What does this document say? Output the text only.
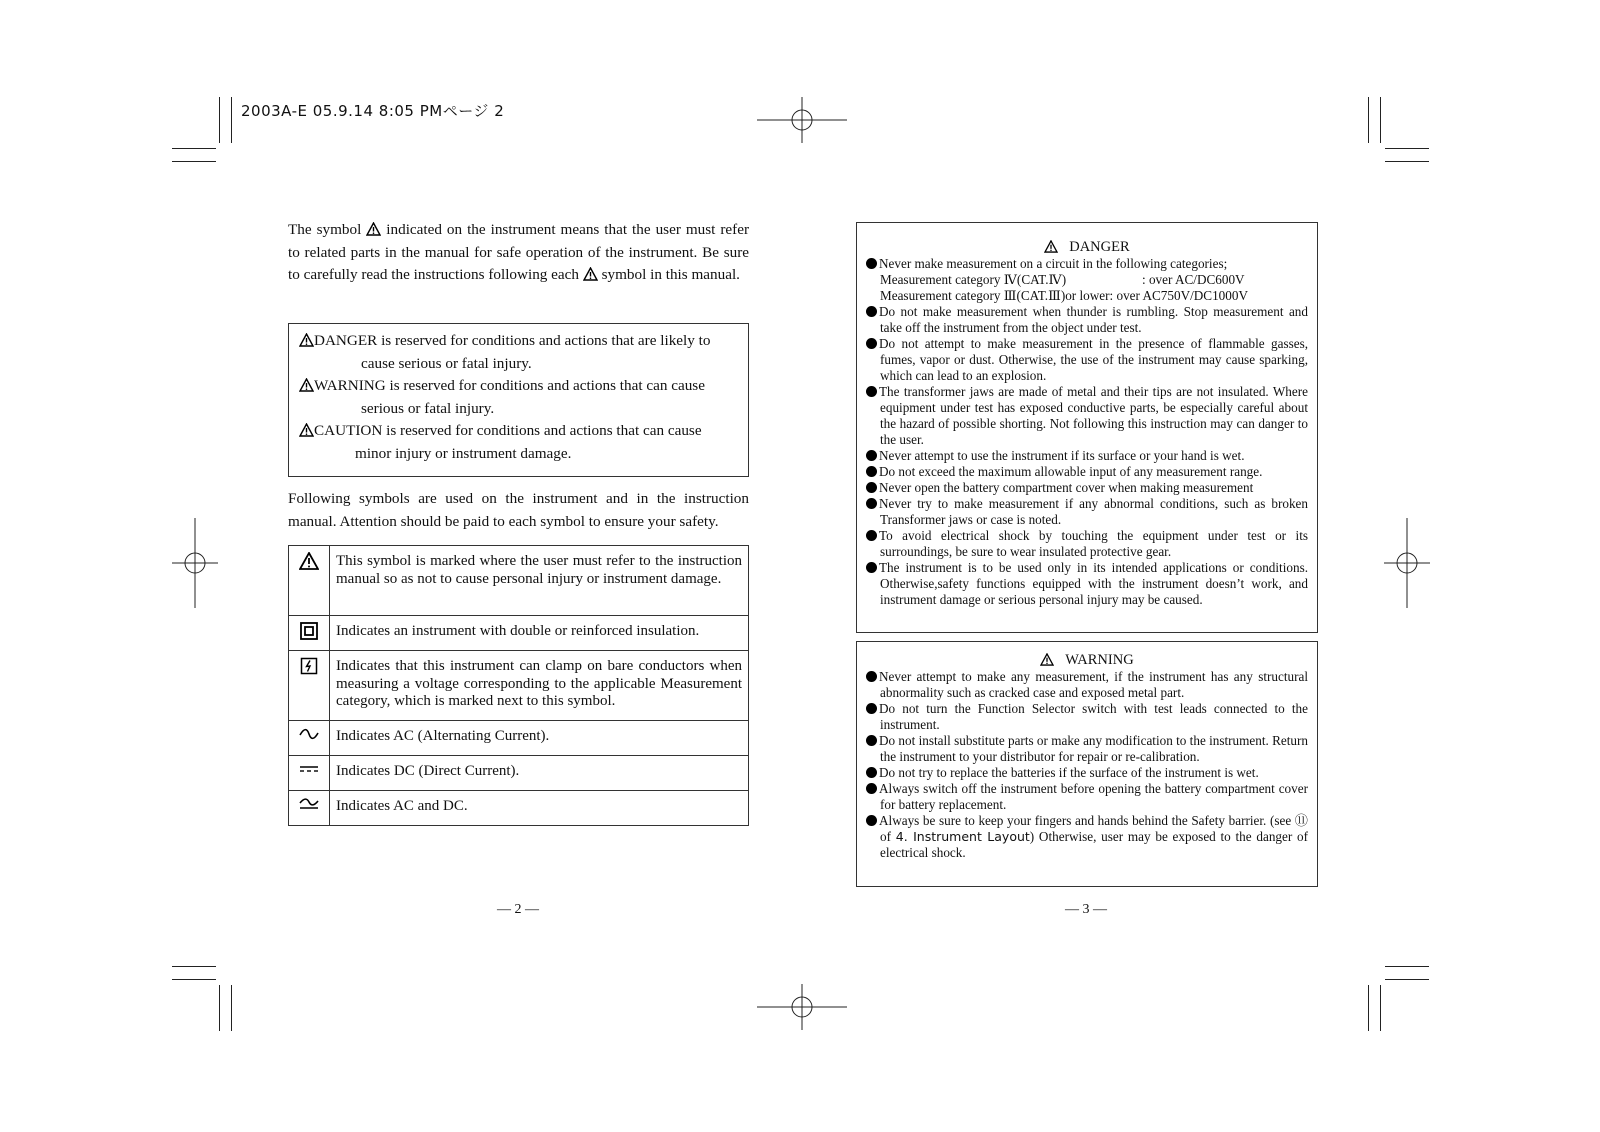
2003A-E 05.9.14 8:05 PMページ 2
The symbol indicated on the instrument means that the user must refer to related parts in the manual for safe operation of the instrument. Be sure to carefully read the instructions following each symbol in this manual.
DANGER is reserved for conditions and actions that are likely to
cause serious or fatal injury.
WARNING is reserved for conditions and actions that can cause
serious or fatal injury.
CAUTION is reserved for conditions and actions that can cause
minor injury or instrument damage.
Following symbols are used on the instrument and in the instruction manual. Attention should be paid to each symbol to ensure your safety.
	This symbol is marked where the user must refer to the instruction manual so as not to cause personal injury or instrument damage.
	Indicates an instrument with double or reinforced insulation.
	Indicates that this instrument can clamp on bare conductors when measuring a voltage corresponding to the applicable Measurement category, which is marked next to this symbol.
	Indicates AC (Alternating Current).
	Indicates DC (Direct Current).
	Indicates AC and DC.
— 2 —
DANGER
Never make measurement on a circuit in the following categories;
Measurement category Ⅳ(CAT.Ⅳ)	: over AC/DC600V
Measurement category Ⅲ(CAT.Ⅲ)or lower: over AC750V/DC1000V
Do not make measurement when thunder is rumbling. Stop measurement and take off the instrument from the object under test.
Do not attempt to make measurement in the presence of flammable gasses, fumes, vapor or dust. Otherwise, the use of the instrument may cause sparking, which can lead to an explosion.
The transformer jaws are made of metal and their tips are not insulated. Where equipment under test has exposed conductive parts, be especially careful about the hazard of possible shorting. Not following this instruction may can danger to the user.
Never attempt to use the instrument if its surface or your hand is wet.
Do not exceed the maximum allowable input of any measurement range.
Never open the battery compartment cover when making measurement
Never try to make measurement if any abnormal conditions, such as broken Transformer jaws or case is noted.
To avoid electrical shock by touching the equipment under test or its surroundings, be sure to wear insulated protective gear.
The instrument is to be used only in its intended applications or conditions. Otherwise,safety functions equipped with the instrument doesn’t work, and instrument damage or serious personal injury may be caused.
WARNING
Never attempt to make any measurement, if the instrument has any structural abnormality such as cracked case and exposed metal part.
Do not turn the Function Selector switch with test leads connected to the instrument.
Do not install substitute parts or make any modification to the instrument. Return the instrument to your distributor for repair or re-calibration.
Do not try to replace the batteries if the surface of the instrument is wet.
Always switch off the instrument before opening the battery compartment cover for battery replacement.
Always be sure to keep your fingers and hands behind the Safety barrier. (see ⑪ of 4. Instrument Layout) Otherwise, user may be exposed to the danger of electrical shock.
— 3 —
